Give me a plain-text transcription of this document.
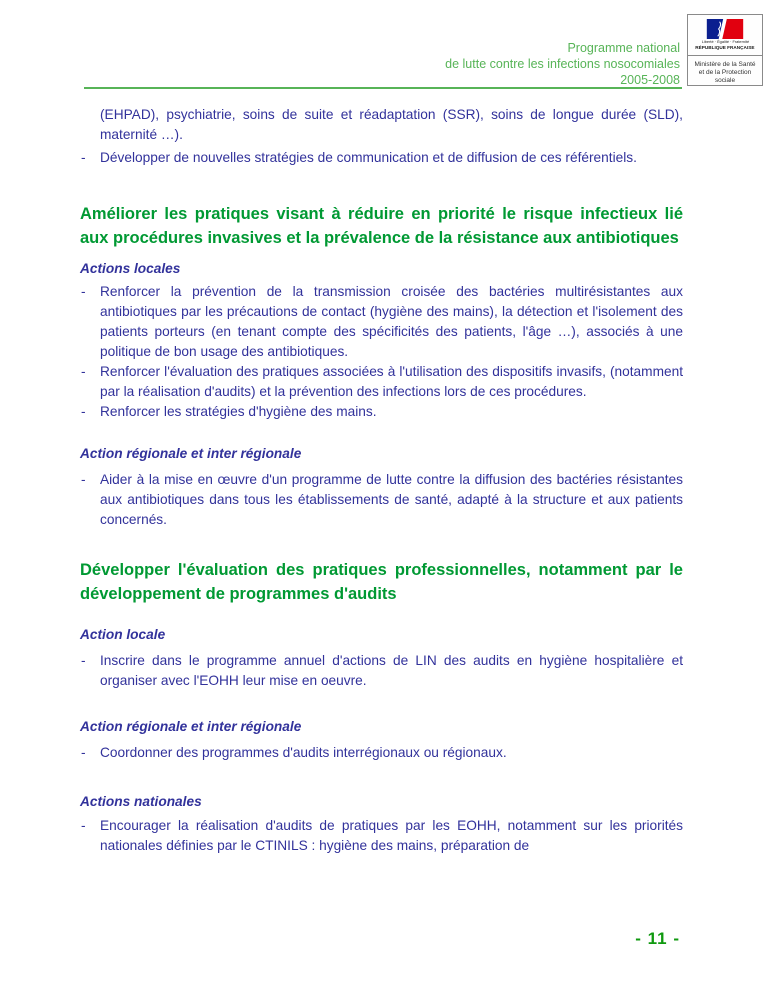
Programme national
de lutte contre les infections nosocomiales
2005-2008
Liberté · Égalité · Fraternité
RÉPUBLIQUE FRANÇAISE
Ministère de la Santé
et de la Protection sociale

(EHPAD), psychiatrie, soins de suite et réadaptation (SSR), soins de longue durée (SLD), maternité …).

- Développer de nouvelles stratégies de communication et de diffusion de ces référentiels.

Améliorer les pratiques visant à réduire en priorité le risque infectieux lié aux procédures invasives et la prévalence de la résistance aux antibiotiques

Actions locales

- Renforcer la prévention de la transmission croisée des bactéries multirésistantes aux antibiotiques par les précautions de contact (hygiène des mains), la détection et l'isolement des patients porteurs (en tenant compte des spécificités des patients, l'âge …), associés à une politique de bon usage des antibiotiques.

- Renforcer l'évaluation des pratiques associées à l'utilisation des dispositifs invasifs, (notamment par la réalisation d'audits) et la prévention des infections lors de ces procédures.

- Renforcer les stratégies d'hygiène des mains.

Action régionale et inter régionale

- Aider à la mise en œuvre d'un programme de lutte contre la diffusion des bactéries résistantes aux antibiotiques dans tous les établissements de santé, adapté à la structure et aux patients concernés.

Développer l'évaluation des pratiques professionnelles, notamment par le développement de programmes d'audits

Action locale

- Inscrire dans le programme annuel d'actions de LIN des audits en hygiène hospitalière et organiser avec l'EOHH leur mise en oeuvre.

Action régionale et inter régionale

- Coordonner des programmes d'audits interrégionaux ou régionaux.

Actions nationales

- Encourager la réalisation d'audits de pratiques par les EOHH, notamment sur les priorités nationales définies par le CTINILS : hygiène des mains, préparation de

- 11 -
